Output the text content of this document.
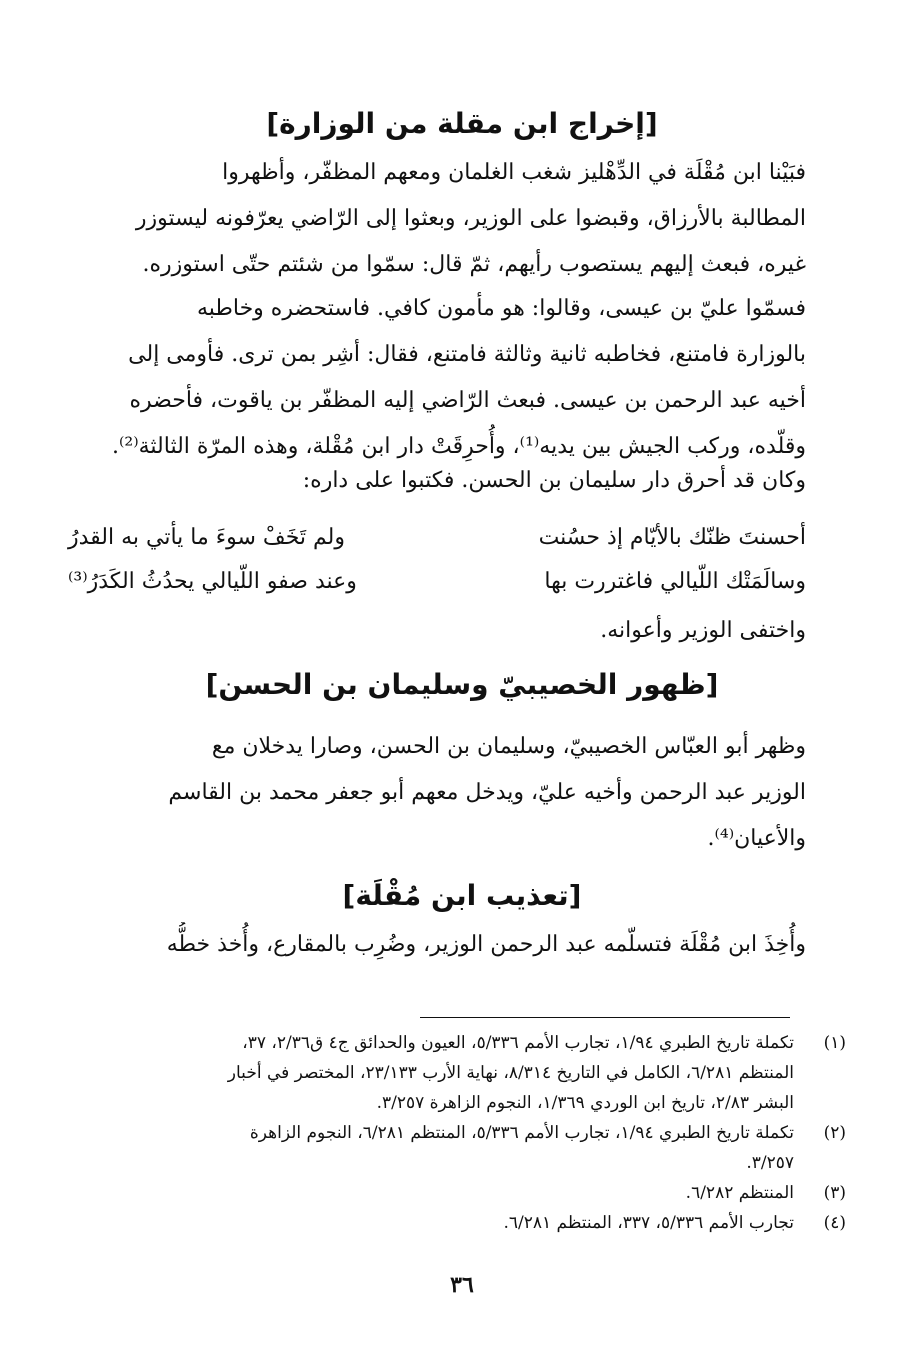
[إخراج ابن مقلة من الوزارة]
فبَيْنا ابن مُقْلَة في الدِّهْليز شغب الغلمان ومعهم المظفّر، وأظهروا
المطالبة بالأرزاق، وقبضوا على الوزير، وبعثوا إلى الرّاضي يعرّفونه ليستوزر
غيره، فبعث إليهم يستصوب رأيهم، ثمّ قال: سمّوا من شئتم حتّى استوزره.
فسمّوا عليّ بن عيسى، وقالوا: هو مأمون كافي. فاستحضره وخاطبه
بالوزارة فامتنع، فخاطبه ثانية وثالثة فامتنع، فقال: أشِر بمن ترى. فأومى إلى
أخيه عبد الرحمن بن عيسى. فبعث الرّاضي إليه المظفّر بن ياقوت، فأحضره
وقلّده، وركب الجيش بين يديه⁽¹⁾، وأُحرِقَتْ دار ابن مُقْلة، وهذه المرّة الثالثة⁽²⁾.
وكان قد أحرق دار سليمان بن الحسن. فكتبوا على داره:
أحسنتَ ظنّك بالأيّام إذ حسُنت
ولم تَخَفْ سوءَ ما يأتي به القدرُ
وسالَمَتْك اللّيالي فاغتررت بها
وعند صفو اللّيالي يحدُثُ الكَدَرُ⁽³⁾
واختفى الوزير وأعوانه.
[ظهور الخصيبيّ وسليمان بن الحسن]
وظهر أبو العبّاس الخصيبيّ، وسليمان بن الحسن، وصارا يدخلان مع
الوزير عبد الرحمن وأخيه عليّ، ويدخل معهم أبو جعفر محمد بن القاسم
والأعيان⁽⁴⁾.
[تعذيب ابن مُقْلَة]
وأُخِذَ ابن مُقْلَة فتسلّمه عبد الرحمن الوزير، وضُرِب بالمقارع، وأُخذ خطُّه
(١)
تكملة تاريخ الطبري ١/٩٤، تجارب الأمم ٥/٣٣٦، العيون والحدائق ج٤ ق٢/٣٦، ٣٧،
المنتظم ٦/٢٨١، الكامل في التاريخ ٨/٣١٤، نهاية الأرب ٢٣/١٣٣، المختصر في أخبار
البشر ٢/٨٣، تاريخ ابن الوردي ١/٣٦٩، النجوم الزاهرة ٣/٢٥٧.
(٢)
تكملة تاريخ الطبري ١/٩٤، تجارب الأمم ٥/٣٣٦، المنتظم ٦/٢٨١، النجوم الزاهرة
٣/٢٥٧.
(٣)
المنتظم ٦/٢٨٢.
(٤)
تجارب الأمم ٥/٣٣٦، ٣٣٧، المنتظم ٦/٢٨١.
٣٦
